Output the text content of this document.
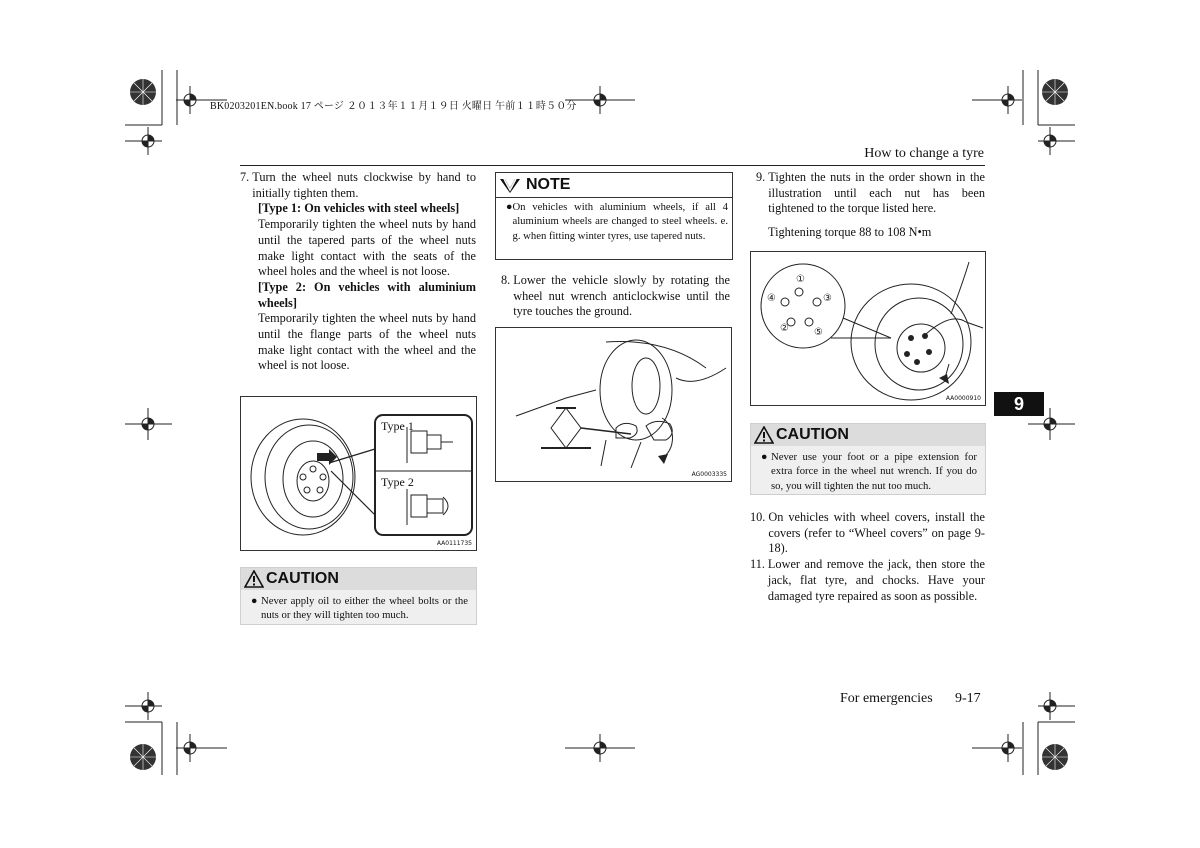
BK0203201EN.book 17 ページ ２０１３年１１月１９日 火曜日 午前１１時５０分
How to change a tyre
7. Turn the wheel nuts clockwise by hand to initially tighten them.
[Type 1: On vehicles with steel wheels]
Temporarily tighten the wheel nuts by hand until the tapered parts of the wheel nuts make light contact with the seats of the wheel holes and the wheel is not loose.
[Type 2: On vehicles with aluminium wheels]
Temporarily tighten the wheel nuts by hand until the flange parts of the wheel nuts make light contact with the wheel and the wheel is not loose.
Type 1
Type 2
AA0111735
CAUTION
● Never apply oil to either the wheel bolts or the nuts or they will tighten too much.
NOTE
● On vehicles with aluminium wheels, if all 4 aluminium wheels are changed to steel wheels. e. g. when fitting winter tyres, use tapered nuts.
8. Lower the vehicle slowly by rotating the wheel nut wrench anticlockwise until the tyre touches the ground.
AG0003335
9. Tighten the nuts in the order shown in the illustration until each nut has been tightened to the torque listed here.
Tightening torque 88 to 108 N•m
①
②
③
④
⑤
AA0000910
CAUTION
● Never use your foot or a pipe extension for extra force in the wheel nut wrench. If you do so, you will tighten the nut too much.
10. On vehicles with wheel covers, install the covers (refer to “Wheel covers” on page 9-18).
11. Lower and remove the jack, then store the jack, flat tyre, and chocks. Have your damaged tyre repaired as soon as possible.
9
For emergencies 9-17
